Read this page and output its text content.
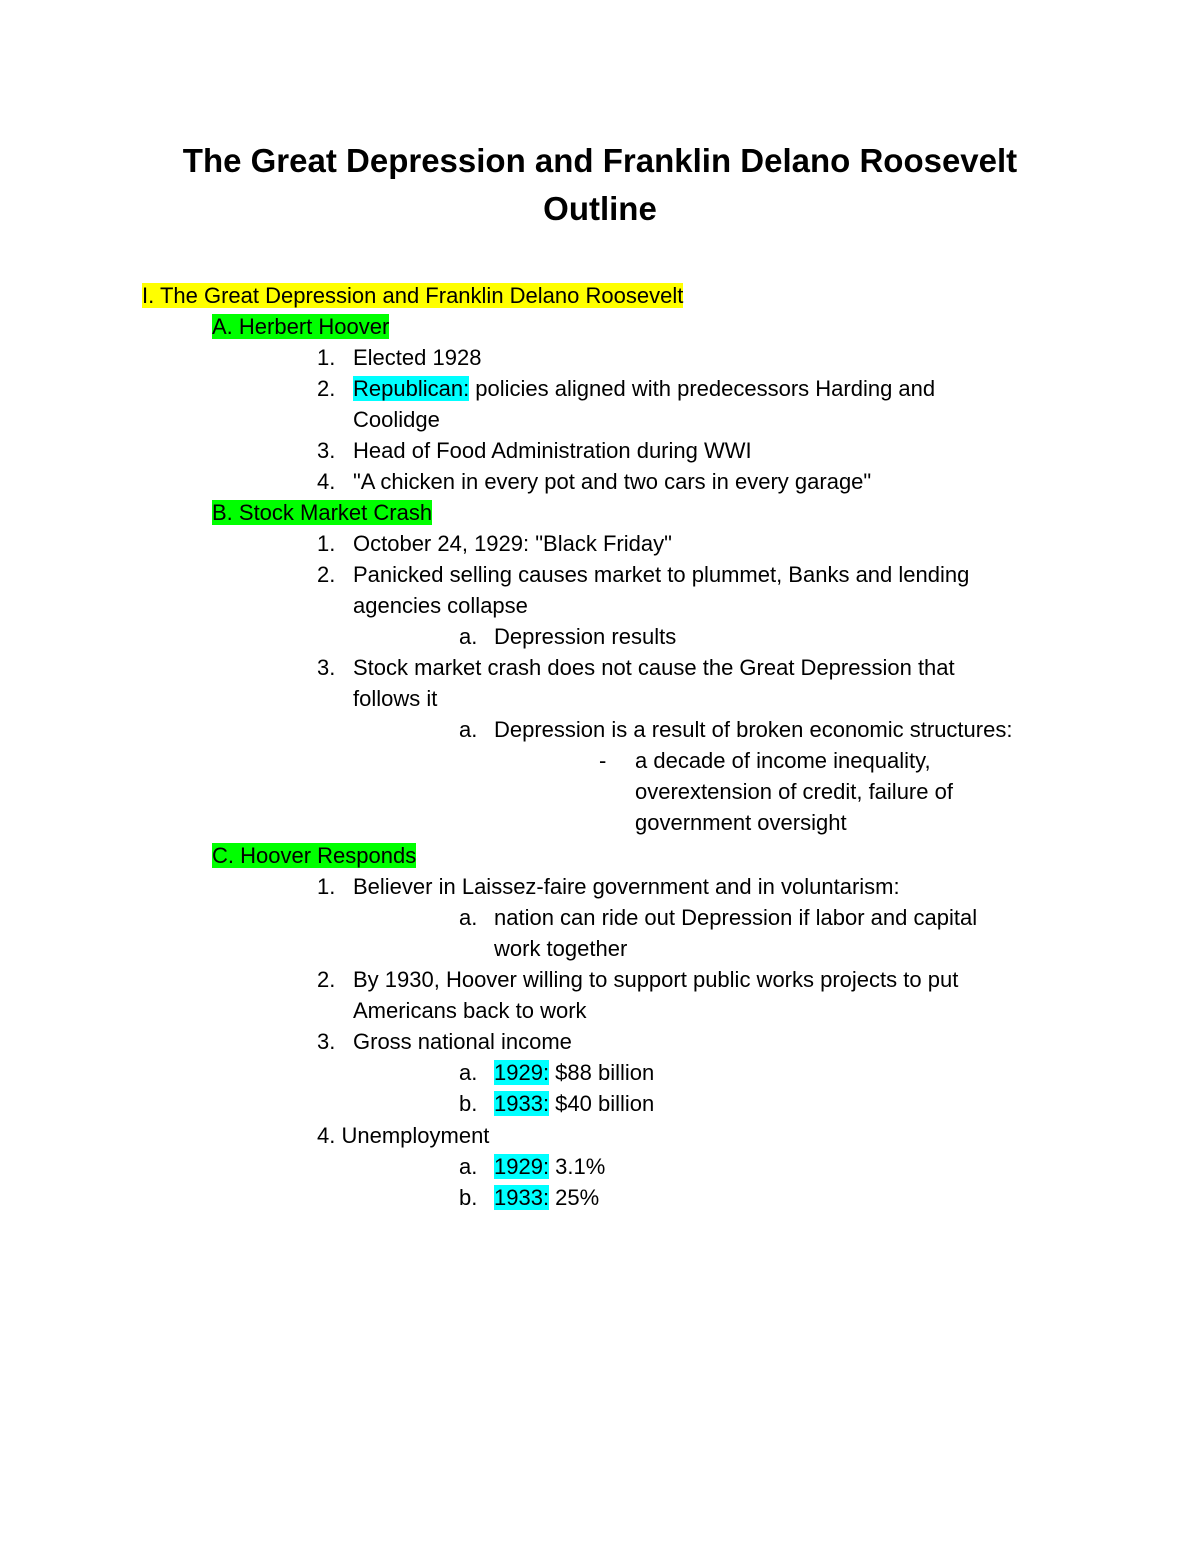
The Great Depression and Franklin Delano Roosevelt
Outline
I. The Great Depression and Franklin Delano Roosevelt
A. Herbert Hoover
1. Elected 1928
2. Republican: policies aligned with predecessors Harding and
Coolidge
3. Head of Food Administration during WWI
4. "A chicken in every pot and two cars in every garage"
B. Stock Market Crash
1. October 24, 1929: "Black Friday"
2. Panicked selling causes market to plummet, Banks and lending
agencies collapse
a. Depression results
3. Stock market crash does not cause the Great Depression that
follows it
a. Depression is a result of broken economic structures:
- a decade of income inequality,
overextension of credit, failure of
government oversight
C. Hoover Responds
1. Believer in Laissez-faire government and in voluntarism:
a. nation can ride out Depression if labor and capital
work together
2. By 1930, Hoover willing to support public works projects to put
Americans back to work
3. Gross national income
a. 1929: $88 billion
b. 1933: $40 billion
4. Unemployment
a. 1929: 3.1%
b. 1933: 25%
